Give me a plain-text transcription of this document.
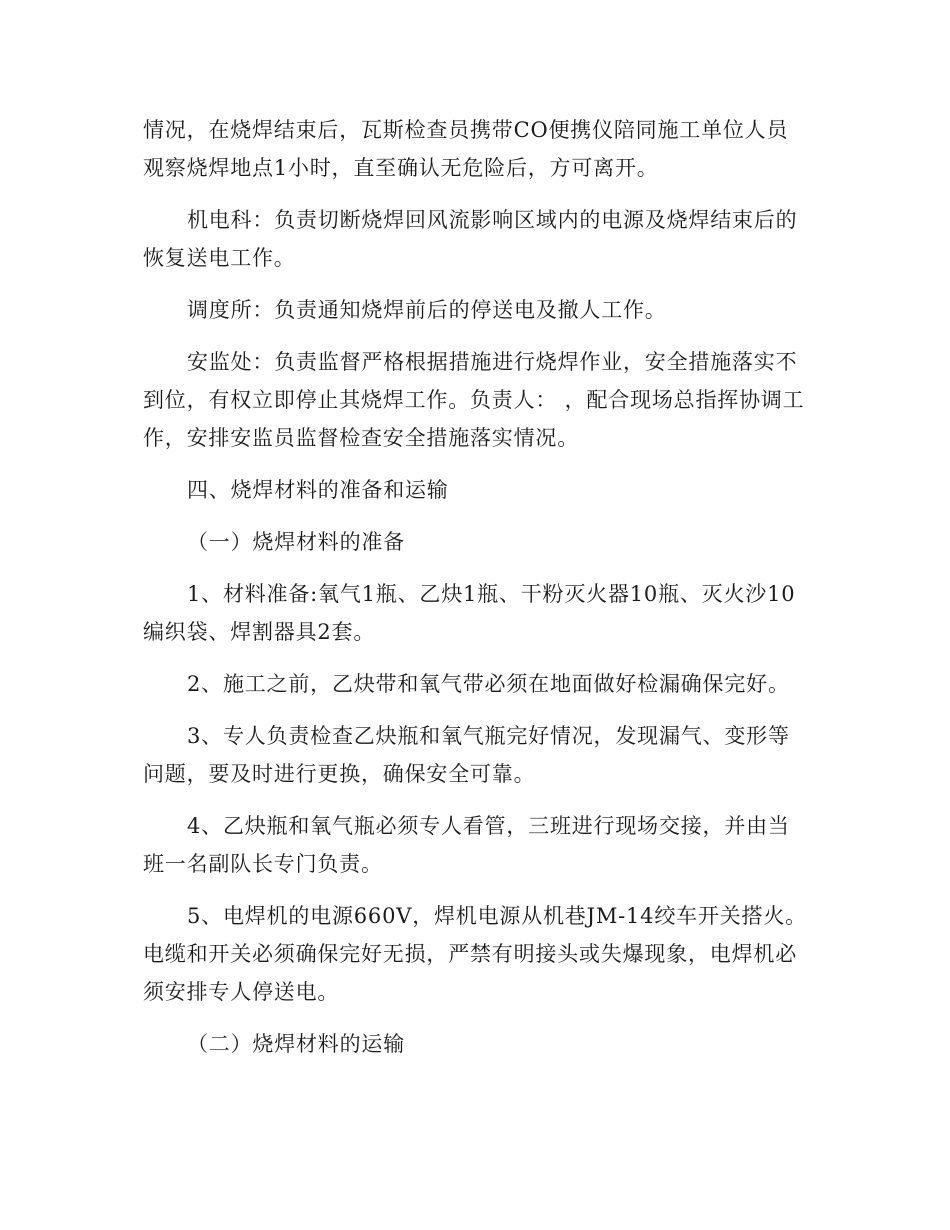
情况，在烧焊结束后，瓦斯检查员携带CO便携仪陪同施工单位人员观察烧焊地点1小时，直至确认无危险后，方可离开。

机电科：负责切断烧焊回风流影响区域内的电源及烧焊结束后的恢复送电工作。

调度所：负责通知烧焊前后的停送电及撤人工作。

安监处：负责监督严格根据措施进行烧焊作业，安全措施落实不到位，有权立即停止其烧焊工作。负责人： ，配合现场总指挥协调工作，安排安监员监督检查安全措施落实情况。

四、烧焊材料的准备和运输

（一）烧焊材料的准备

1、材料准备:氧气1瓶、乙炔1瓶、干粉灭火器10瓶、灭火沙10编织袋、焊割器具2套。

2、施工之前，乙炔带和氧气带必须在地面做好检漏确保完好。

3、专人负责检查乙炔瓶和氧气瓶完好情况，发现漏气、变形等问题，要及时进行更换，确保安全可靠。

4、乙炔瓶和氧气瓶必须专人看管，三班进行现场交接，并由当班一名副队长专门负责。

5、电焊机的电源660V，焊机电源从机巷JM-14绞车开关搭火。电缆和开关必须确保完好无损，严禁有明接头或失爆现象，电焊机必须安排专人停送电。

（二）烧焊材料的运输
